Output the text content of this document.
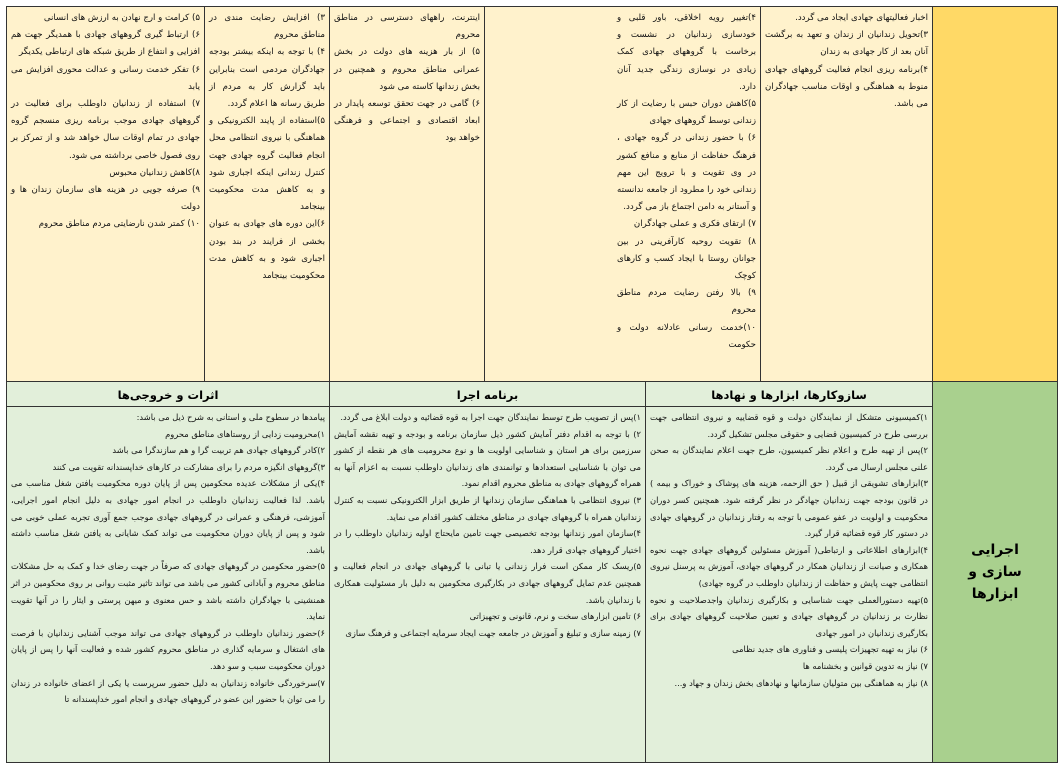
اخبار فعالیتهای جهادی ایجاد می گردد.
۳)تحویل زندانیان از زندان و تعهد به برگشت آنان بعد از کار جهادی به زندان
۴)برنامه ریزی انجام فعالیت گروههای جهادی منوط به هماهنگی و اوقات مناسب جهادگران می باشد.
۴)تغییر رویه اخلاقی، باور قلبی و خودسازی زندانیان در نشست و برخاست با گروههای جهادی کمک زیادی در نوسازی زندگی جدید آنان دارد.
۵)کاهش دوران حبس با رضایت از کار زندانی توسط گروههای جهادی
۶) با حضور زندانی در گروه جهادی ، فرهنگ حفاظت از منابع و منافع کشور در وی تقویت و با ترویج این مهم زندانی خود را مطرود از جامعه ندانسته و آستانر به دامن اجتماع باز می گردد.
۷) ارتقای فکری و عملی جهادگران
۸) تقویت روحیه کارآفرینی در بین جوانان روستا با ایجاد کسب و کارهای کوچک
۹) بالا رفتن رضایت مردم مناطق محروم
۱۰)خدمت رسانی عادلانه دولت و حکومت
اینترنت، راههای دسترسی در مناطق محروم
۵) از بار هزینه های دولت در بخش عمرانی مناطق محروم و همچنین در بخش زندانها کاسته می شود
۶) گامی در جهت تحقق توسعه پایدار در ابعاد اقتصادی و اجتماعی و فرهنگی خواهد بود
۳) افزایش رضایت مندی در مناطق محروم
۴) با توجه به اینکه بیشتر بودجه جهادگران مردمی است بنابراین باید گزارش کار به مردم از طریق رسانه ها اعلام گردد.
۵)استفاده از پایند الکترونیکی و هماهنگی با نیروی انتظامی محل انجام فعالیت گروه جهادی جهت کنترل زندانی اینکه اجباری شود و به کاهش مدت محکومیت بینجامد
۶)این دوره های جهادی به عنوان بخشی از فرایند در بند بودن اجباری شود و به کاهش مدت محکومیت بینجامد
۵) کرامت و ارج نهادن به ارزش های انسانی
۶) ارتباط گیری گروههای جهادی با همدیگر جهت هم افزایی و انتفاع از طریق شبکه های ارتباطی یکدیگر
۶) تفکر خدمت رسانی و عدالت محوری افزایش می یابد
۷) استفاده از زندانیان داوطلب برای فعالیت در گروههای جهادی موجب برنامه ریزی منسجم گروه جهادی در تمام اوقات سال خواهد شد و از تمرکز بر روی فصول خاصی برداشته می شود.
۸)کاهش زندانیان محبوس
۹) صرفه جویی در هزینه های سازمان زندان ها و دولت
۱۰) کمتر شدن نارضایتی مردم مناطق محروم
اجرایی سازی و ابزارها
سازوکارها، ابزارها و نهادها
۱)کمیسیونی متشکل از نمایندگان دولت و قوه قضاییه و نیروی انتظامی جهت بررسی طرح در کمیسیون قضایی و حقوقی مجلس تشکیل گردد.
۲)پس از تهیه طرح و اعلام نظر کمیسیون، طرح جهت اعلام نمایندگان به صحن علنی مجلس ارسال می گردد.
۳)ابزارهای تشویقی از قبیل ( حق الزحمه، هزینه های پوشاک و خوراک و بیمه ) در قانون بودجه جهت زندانیان جهادگر در نظر گرفته شود. همچنین کسر دوران محکومیت و اولویت در عفو عمومی با توجه به رفتار زندانیان در گروههای جهادی در دستور کار قوه قضائیه قرار گیرد.
۴)ابزارهای اطلاعاتی و ارتباطی( آموزش مسئولین گروههای جهادی جهت نحوه همکاری و صیانت از زندانیان همکار در گروههای جهادی، آموزش به پرسنل نیروی انتظامی جهت پایش و حفاظت از زندانیان داوطلب در گروه جهادی)
۵)تهیه دستورالعملی جهت شناسایی و بکارگیری زندانیان واجدصلاحیت و نحوه نظارت بر زندانیان در گروههای جهادی و تعیین صلاحیت گروههای جهادی برای بکارگیری زندانیان در امور جهادی
۶) نیاز به تهیه تجهیزات پلیسی و فناوری های جدید نظامی
۷) نیاز به تدوین قوانین و بخشنامه ها
۸) نیاز به هماهنگی بین متولیان سازمانها و نهادهای بخش زندان و جهاد و...
برنامه اجرا
۱)پس از تصویب طرح توسط نمایندگان جهت اجرا به قوه قضائیه و دولت ابلاغ می گردد.
۲) با توجه به اقدام دفتر آمایش کشور ذیل سازمان برنامه و بودجه و تهیه نقشه آمایش سرزمین برای هر استان و شناسایی اولویت ها و نوع محرومیت های هر نقطه از کشور می توان با شناسایی استعدادها و توانمندی های زندانیان داوطلب نسبت به اعزام آنها به همراه گروههای جهادی به مناطق محروم اقدام نمود.
۳) نیروی انتظامی با هماهنگی سازمان زندانها از طریق ابزار الکترونیکی نسبت به کنترل زندانیان همراه با گروههای جهادی در مناطق مختلف کشور اقدام می نماید.
۴)سازمان امور زندانها بودجه تخصیصی جهت تامین مایحتاج اولیه زندانیان داوطلب را در اختیار گروههای جهادی قرار دهد.
۵)ریسک کار ممکن است فرار زندانی یا تبانی با گروههای جهادی در انجام فعالیت و همچنین عدم تمایل گروههای جهادی در بکارگیری محکومین به دلیل بار مسئولیت همکاری با زندانیان باشد.
۶) تامین ابزارهای سخت و نرم، قانونی و تجهیزاتی
۷) زمینه سازی و تبلیغ و آموزش در جامعه جهت ایجاد سرمایه اجتماعی و فرهنگ سازی
اثرات و خروجی‌ها
پیامدها در سطوح ملی و استانی به شرح ذیل می باشد:
۱)محرومیت زدایی از روستاهای مناطق محروم
۲)کادر گروههای جهادی هم تربیت گرا و هم سازندگرا می باشد
۳)گروههای انگیزه مردم را برای مشارکت در کارهای خداپسندانه تقویت می کنند
۴)یکی از مشکلات عدیده محکومین پس از پایان دوره محکومیت یافتن شغل مناسب می باشد. لذا فعالیت زندانیان داوطلب در انجام امور جهادی به دلیل انجام امور اجرایی، آموزشی، فرهنگی و عمرانی در گروههای جهادی موجب جمع آوری تجربه عملی خوبی می شود و پس از پایان دوران محکومیت می تواند کمک شایانی به یافتن شغل مناسب داشته باشد.
۵)حضور محکومین در گروههای جهادی که صرفاً در جهت رضای خدا و کمک به حل مشکلات مناطق محروم و آبادانی کشور می باشد می تواند تاثیر مثبت روانی بر روی محکومین در اثر همنشینی با جهادگران داشته باشد و حس معنوی و میهن پرستی و ایثار را در آنها تقویت نماید.
۶)حضور زندانیان داوطلب در گروههای جهادی می تواند موجب آشنایی زندانیان با فرصت های اشتغال و سرمایه گذاری در مناطق محروم کشور شده و فعالیت آنها را پس از پایان دوران محکومیت سبب و سو دهد.
۷)سرخوردگی خانواده زندانیان به دلیل حضور سرپرست یا یکی از اعضای خانواده در زندان را می توان با حضور این عضو در گروههای جهادی و انجام امور خداپسندانه تا
